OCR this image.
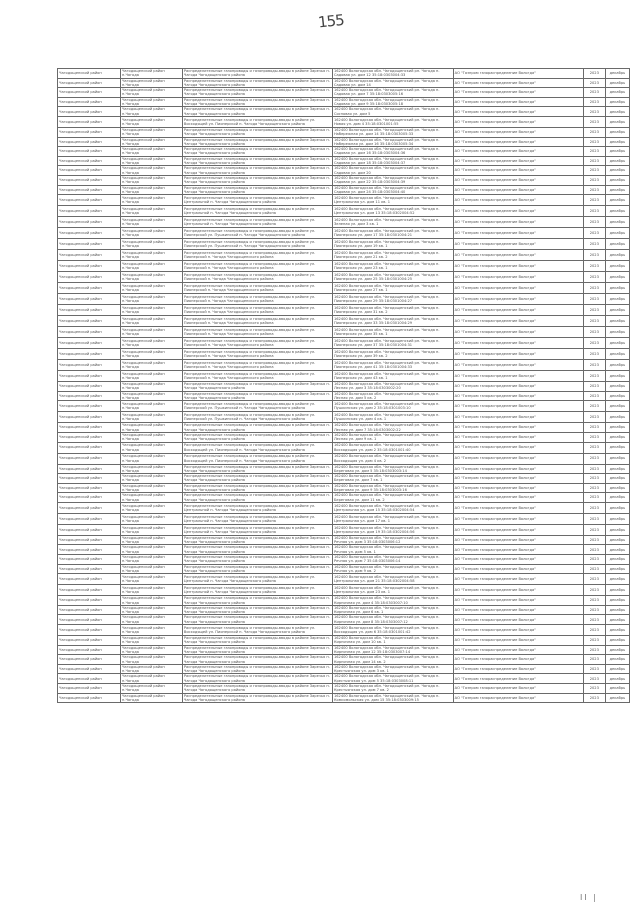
155
Чагодощенский район	Чагодощенский район п.Чагода	Распределительные газопроводы и газопроводы-вводы в районе Заречья п. Чагода Чагодощенского района	162400 Вологодская обл. Чагодощенский рн. Чагода п. Садовая ул. дом 12 35:18:0303004:33	АО "Газпром газораспределение Вологда"	2023	декабрь
Чагодощенский район	Чагодощенский район п.Чагода	Распределительные газопроводы и газопроводы-вводы в районе Заречья п. Чагода Чагодощенского района	162400 Вологодская обл. Чагодощенский рн. Чагода п. Садовая ул. дом 14	АО "Газпром газораспределение Вологда"	2023	декабрь
Чагодощенский район	Чагодощенский район п.Чагода	Распределительные газопроводы и газопроводы-вводы в районе Заречья п. Чагода Чагодощенского района	162400 Вологодская обл. Чагодощенский рн. Чагода п. Садовая ул. дом 7 35:18:0303005:16	АО "Газпром газораспределение Вологда"	2023	декабрь
Чагодощенский район	Чагодощенский район п.Чагода	Распределительные газопроводы и газопроводы-вводы в районе Заречья п. Чагода Чагодощенского района	162400 Вологодская обл. Чагодощенский рн. Чагода п. Садовая ул. дом 9 35:18:0303005:18	АО "Газпром газораспределение Вологда"	2023	декабрь
Чагодощенский район	Чагодощенский район п.Чагода	Распределительные газопроводы и газопроводы-вводы в районе Заречья п. Чагода Чагодощенского района	162400 Вологодская обл. Чагодощенский рн. Чагода п. Сосновая ул. дом 5	АО "Газпром газораспределение Вологда"	2023	декабрь
Чагодощенский район	Чагодощенский район п.Чагода	Распределительные газопроводы и газопроводы-вводы в районе ул. Восходящей ул. Пионерской п. Чагода Чагодощенского района	162400 Вологодская обл. Чагодощенский рн. Чагода п. Новая ул. дом 4 35:18:0301001:55	АО "Газпром газораспределение Вологда"	2023	декабрь
Чагодощенский район	Чагодощенский район п.Чагода	Распределительные газопроводы и газопроводы-вводы в районе Заречья п. Чагода Чагодощенского района	162400 Вологодская обл. Чагодощенский рн. Чагода п. Набережная ул. дом 14 35:18:0303005:33	АО "Газпром газораспределение Вологда"	2023	декабрь
Чагодощенский район	Чагодощенский район п.Чагода	Распределительные газопроводы и газопроводы-вводы в районе Заречья п. Чагода Чагодощенского района	162400 Вологодская обл. Чагодощенский рн. Чагода п. Набережная ул. дом 16 35:18:0303005:34	АО "Газпром газораспределение Вологда"	2023	декабрь
Чагодощенский район	Чагодощенский район п.Чагода	Распределительные газопроводы и газопроводы-вводы в районе Заречья п. Чагода Чагодощенского района	162400 Вологодская обл. Чагодощенский рн. Чагода п. Садовая ул. дом 16 35:18:0303004:36	АО "Газпром газораспределение Вологда"	2023	декабрь
Чагодощенский район	Чагодощенский район п.Чагода	Распределительные газопроводы и газопроводы-вводы в районе Заречья п. Чагода Чагодощенского района	162400 Вологодская обл. Чагодощенский рн. Чагода п. Садовая ул. дом 18 35:18:0303004:37	АО "Газпром газораспределение Вологда"	2023	декабрь
Чагодощенский район	Чагодощенский район п.Чагода	Распределительные газопроводы и газопроводы-вводы в районе Заречья п. Чагода Чагодощенского района	162400 Вологодская обл. Чагодощенский рн. Чагода п. Садовая ул. дом 20	АО "Газпром газораспределение Вологда"	2023	декабрь
Чагодощенский район	Чагодощенский район п.Чагода	Распределительные газопроводы и газопроводы-вводы в районе Заречья п. Чагода Чагодощенского района	162400 Вологодская обл. Чагодощенский рн. Чагода п. Садовая ул. дом 22 35:18:0303004:39	АО "Газпром газораспределение Вологда"	2023	декабрь
Чагодощенский район	Чагодощенский район п.Чагода	Распределительные газопроводы и газопроводы-вводы в районе Заречья п. Чагода Чагодощенского района	162400 Вологодская обл. Чагодощенский рн. Чагода п. Садовая ул. дом 24 35:18:0303004:40	АО "Газпром газораспределение Вологда"	2023	декабрь
Чагодощенский район	Чагодощенский район п.Чагода	Распределительные газопроводы и газопроводы-вводы в районе ул. Центральной п. Чагода Чагодощенского района	162400 Вологодская обл. Чагодощенский рн. Чагода п. Центральная ул. дом 11 кв. 1	АО "Газпром газораспределение Вологда"	2023	декабрь
Чагодощенский район	Чагодощенский район п.Чагода	Распределительные газопроводы и газопроводы-вводы в районе ул. Центральной п. Чагода Чагодощенского района	162400 Вологодская обл. Чагодощенский рн. Чагода п. Центральная ул. дом 13 35:18:0302004:52	АО "Газпром газораспределение Вологда"	2023	декабрь
Чагодощенский район	Чагодощенский район п.Чагода	Распределительные газопроводы и газопроводы-вводы в районе ул. Центральной п. Чагода Чагодощенского района	162400 Вологодская обл. Чагодощенский рн. Чагода п. Зеленая ул. дом 3 кв. 1	АО "Газпром газораспределение Вологда"	2023	декабрь
Чагодощенский район	Чагодощенский район п.Чагода	Распределительные газопроводы и газопроводы-вводы в районе ул. Пионерской ул. Пушкинской п. Чагода Чагодощенского района	162400 Вологодская обл. Чагодощенский рн. Чагода п. Пионерская ул. дом 17 35:18:0301004:21	АО "Газпром газораспределение Вологда"	2023	декабрь
Чагодощенский район	Чагодощенский район п.Чагода	Распределительные газопроводы и газопроводы-вводы в районе ул. Пионерской ул. Пушкинской п. Чагода Чагодощенского района	162400 Вологодская обл. Чагодощенский рн. Чагода п. Пионерская ул. дом 19 кв. 1	АО "Газпром газораспределение Вологда"	2023	декабрь
Чагодощенский район	Чагодощенский район п.Чагода	Распределительные газопроводы и газопроводы-вводы в районе ул. Пионерской п. Чагода Чагодощенского района	162400 Вологодская обл. Чагодощенский рн. Чагода п. Пионерская ул. дом 21 кв. 2	АО "Газпром газораспределение Вологда"	2023	декабрь
Чагодощенский район	Чагодощенский район п.Чагода	Распределительные газопроводы и газопроводы-вводы в районе ул. Пионерской п. Чагода Чагодощенского района	162400 Вологодская обл. Чагодощенский рн. Чагода п. Пионерская ул. дом 23 кв. 1	АО "Газпром газораспределение Вологда"	2023	декабрь
Чагодощенский район	Чагодощенский район п.Чагода	Распределительные газопроводы и газопроводы-вводы в районе ул. Пионерской п. Чагода Чагодощенского района	162400 Вологодская обл. Чагодощенский рн. Чагода п. Пионерская ул. дом 25 35:18:0301004:25	АО "Газпром газораспределение Вологда"	2023	декабрь
Чагодощенский район	Чагодощенский район п.Чагода	Распределительные газопроводы и газопроводы-вводы в районе ул. Пионерской п. Чагода Чагодощенского района	162400 Вологодская обл. Чагодощенский рн. Чагода п. Пионерская ул. дом 27 кв. 1	АО "Газпром газораспределение Вологда"	2023	декабрь
Чагодощенский район	Чагодощенский район п.Чагода	Распределительные газопроводы и газопроводы-вводы в районе ул. Пионерской п. Чагода Чагодощенского района	162400 Вологодская обл. Чагодощенский рн. Чагода п. Пионерская ул. дом 29 35:18:0301004:27	АО "Газпром газораспределение Вологда"	2023	декабрь
Чагодощенский район	Чагодощенский район п.Чагода	Распределительные газопроводы и газопроводы-вводы в районе ул. Пионерской п. Чагода Чагодощенского района	162400 Вологодская обл. Чагодощенский рн. Чагода п. Пионерская ул. дом 31 кв. 2	АО "Газпром газораспределение Вологда"	2023	декабрь
Чагодощенский район	Чагодощенский район п.Чагода	Распределительные газопроводы и газопроводы-вводы в районе ул. Пионерской п. Чагода Чагодощенского района	162400 Вологодская обл. Чагодощенский рн. Чагода п. Пионерская ул. дом 33 35:18:0301004:29	АО "Газпром газораспределение Вологда"	2023	декабрь
Чагодощенский район	Чагодощенский район п.Чагода	Распределительные газопроводы и газопроводы-вводы в районе ул. Пионерской п. Чагода Чагодощенского района	162400 Вологодская обл. Чагодощенский рн. Чагода п. Пионерская ул. дом 35 кв. 1	АО "Газпром газораспределение Вологда"	2023	декабрь
Чагодощенский район	Чагодощенский район п.Чагода	Распределительные газопроводы и газопроводы-вводы в районе ул. Пионерской п. Чагода Чагодощенского района	162400 Вологодская обл. Чагодощенский рн. Чагода п. Пионерская ул. дом 37 35:18:0301004:31	АО "Газпром газораспределение Вологда"	2023	декабрь
Чагодощенский район	Чагодощенский район п.Чагода	Распределительные газопроводы и газопроводы-вводы в районе ул. Пионерской п. Чагода Чагодощенского района	162400 Вологодская обл. Чагодощенский рн. Чагода п. Пионерская ул. дом 39 кв. 2	АО "Газпром газораспределение Вологда"	2023	декабрь
Чагодощенский район	Чагодощенский район п.Чагода	Распределительные газопроводы и газопроводы-вводы в районе ул. Пионерской п. Чагода Чагодощенского района	162400 Вологодская обл. Чагодощенский рн. Чагода п. Пионерская ул. дом 41 35:18:0301004:33	АО "Газпром газораспределение Вологда"	2023	декабрь
Чагодощенский район	Чагодощенский район п.Чагода	Распределительные газопроводы и газопроводы-вводы в районе ул. Пионерской п. Чагода Чагодощенского района	162400 Вологодская обл. Чагодощенский рн. Чагода п. Пионерская ул. дом 43 кв. 1	АО "Газпром газораспределение Вологда"	2023	декабрь
Чагодощенский район	Чагодощенский район п.Чагода	Распределительные газопроводы и газопроводы-вводы в районе Заречья п. Чагода Чагодощенского района	162400 Вологодская обл. Чагодощенский рн. Чагода п. Лесная ул. дом 3 35:18:0303002:20	АО "Газпром газораспределение Вологда"	2023	декабрь
Чагодощенский район	Чагодощенский район п.Чагода	Распределительные газопроводы и газопроводы-вводы в районе Заречья п. Чагода Чагодощенского района	162400 Вологодская обл. Чагодощенский рн. Чагода п. Лесная ул. дом 5 кв. 2	АО "Газпром газораспределение Вологда"	2023	декабрь
Чагодощенский район	Чагодощенский район п.Чагода	Распределительные газопроводы и газопроводы-вводы в районе ул. Пионерской ул. Пушкинской п. Чагода Чагодощенского района	162400 Вологодская обл. Чагодощенский рн. Чагода п. Пушкинская ул. дом 2 35:18:0301003:10	АО "Газпром газораспределение Вологда"	2023	декабрь
Чагодощенский район	Чагодощенский район п.Чагода	Распределительные газопроводы и газопроводы-вводы в районе ул. Пионерской ул. Пушкинской п. Чагода Чагодощенского района	162400 Вологодская обл. Чагодощенский рн. Чагода п. Пушкинская ул. дом 4 кв. 1	АО "Газпром газораспределение Вологда"	2023	декабрь
Чагодощенский район	Чагодощенский район п.Чагода	Распределительные газопроводы и газопроводы-вводы в районе Заречья п. Чагода Чагодощенского района	162400 Вологодская обл. Чагодощенский рн. Чагода п. Лесная ул. дом 7 35:18:0303002:22	АО "Газпром газораспределение Вологда"	2023	декабрь
Чагодощенский район	Чагодощенский район п.Чагода	Распределительные газопроводы и газопроводы-вводы в районе Заречья п. Чагода Чагодощенского района	162400 Вологодская обл. Чагодощенский рн. Чагода п. Лесная ул. дом 9 кв. 1	АО "Газпром газораспределение Вологда"	2023	декабрь
Чагодощенский район	Чагодощенский район п.Чагода	Распределительные газопроводы и газопроводы-вводы в районе ул. Восходящей ул. Пионерской п. Чагода Чагодощенского района	162400 Вологодская обл. Чагодощенский рн. Чагода п. Восходящая ул. дом 2 35:18:0301001:40	АО "Газпром газораспределение Вологда"	2023	декабрь
Чагодощенский район	Чагодощенский район п.Чагода	Распределительные газопроводы и газопроводы-вводы в районе ул. Восходящей ул. Пионерской п. Чагода Чагодощенского района	162400 Вологодская обл. Чагодощенский рн. Чагода п. Восходящая ул. дом 4 кв. 2	АО "Газпром газораспределение Вологда"	2023	декабрь
Чагодощенский район	Чагодощенский район п.Чагода	Распределительные газопроводы и газопроводы-вводы в районе Заречья п. Чагода Чагодощенского района	162400 Вологодская обл. Чагодощенский рн. Чагода п. Береговая ул. дом 5 35:18:0303003:14	АО "Газпром газораспределение Вологда"	2023	декабрь
Чагодощенский район	Чагодощенский район п.Чагода	Распределительные газопроводы и газопроводы-вводы в районе Заречья п. Чагода Чагодощенского района	162400 Вологодская обл. Чагодощенский рн. Чагода п. Береговая ул. дом 7 кв. 1	АО "Газпром газораспределение Вологда"	2023	декабрь
Чагодощенский район	Чагодощенский район п.Чагода	Распределительные газопроводы и газопроводы-вводы в районе Заречья п. Чагода Чагодощенского района	162400 Вологодская обл. Чагодощенский рн. Чагода п. Береговая ул. дом 9 35:18:0303003:16	АО "Газпром газораспределение Вологда"	2023	декабрь
Чагодощенский район	Чагодощенский район п.Чагода	Распределительные газопроводы и газопроводы-вводы в районе Заречья п. Чагода Чагодощенского района	162400 Вологодская обл. Чагодощенский рн. Чагода п. Береговая ул. дом 11 кв. 2	АО "Газпром газораспределение Вологда"	2023	декабрь
Чагодощенский район	Чагодощенский район п.Чагода	Распределительные газопроводы и газопроводы-вводы в районе ул. Центральной п. Чагода Чагодощенского района	162400 Вологодская обл. Чагодощенский рн. Чагода п. Центральная ул. дом 15 35:18:0302004:54	АО "Газпром газораспределение Вологда"	2023	декабрь
Чагодощенский район	Чагодощенский район п.Чагода	Распределительные газопроводы и газопроводы-вводы в районе ул. Центральной п. Чагода Чагодощенского района	162400 Вологодская обл. Чагодощенский рн. Чагода п. Центральная ул. дом 17 кв. 1	АО "Газпром газораспределение Вологда"	2023	декабрь
Чагодощенский район	Чагодощенский район п.Чагода	Распределительные газопроводы и газопроводы-вводы в районе ул. Центральной п. Чагода Чагодощенского района	162400 Вологодская обл. Чагодощенский рн. Чагода п. Центральная ул. дом 19 35:18:0302004:56	АО "Газпром газораспределение Вологда"	2023	декабрь
Чагодощенский район	Чагодощенский район п.Чагода	Распределительные газопроводы и газопроводы-вводы в районе Заречья п. Чагода Чагодощенского района	162400 Вологодская обл. Чагодощенский рн. Чагода п. Речная ул. дом 3 35:18:0303006:12	АО "Газпром газораспределение Вологда"	2023	декабрь
Чагодощенский район	Чагодощенский район п.Чагода	Распределительные газопроводы и газопроводы-вводы в районе Заречья п. Чагода Чагодощенского района	162400 Вологодская обл. Чагодощенский рн. Чагода п. Речная ул. дом 5 кв. 1	АО "Газпром газораспределение Вологда"	2023	декабрь
Чагодощенский район	Чагодощенский район п.Чагода	Распределительные газопроводы и газопроводы-вводы в районе Заречья п. Чагода Чагодощенского района	162400 Вологодская обл. Чагодощенский рн. Чагода п. Речная ул. дом 7 35:18:0303006:14	АО "Газпром газораспределение Вологда"	2023	декабрь
Чагодощенский район	Чагодощенский район п.Чагода	Распределительные газопроводы и газопроводы-вводы в районе Заречья п. Чагода Чагодощенского района	162400 Вологодская обл. Чагодощенский рн. Чагода п. Речная ул. дом 9 кв. 2	АО "Газпром газораспределение Вологда"	2023	декабрь
Чагодощенский район	Чагодощенский район п.Чагода	Распределительные газопроводы и газопроводы-вводы в районе ул. Центральной п. Чагода Чагодощенского района	162400 Вологодская обл. Чагодощенский рн. Чагода п. Центральная ул. дом 21 35:18:0302004:58	АО "Газпром газораспределение Вологда"	2023	декабрь
Чагодощенский район	Чагодощенский район п.Чагода	Распределительные газопроводы и газопроводы-вводы в районе ул. Центральной п. Чагода Чагодощенского района	162400 Вологодская обл. Чагодощенский рн. Чагода п. Центральная ул. дом 23 кв. 1	АО "Газпром газораспределение Вологда"	2023	декабрь
Чагодощенский район	Чагодощенский район п.Чагода	Распределительные газопроводы и газопроводы-вводы в районе Заречья п. Чагода Чагодощенского района	162400 Вологодская обл. Чагодощенский рн. Чагода п. Кирпичная ул. дом 4 35:18:0303007:10	АО "Газпром газораспределение Вологда"	2023	декабрь
Чагодощенский район	Чагодощенский район п.Чагода	Распределительные газопроводы и газопроводы-вводы в районе Заречья п. Чагода Чагодощенского района	162400 Вологодская обл. Чагодощенский рн. Чагода п. Кирпичная ул. дом 6 кв. 1	АО "Газпром газораспределение Вологда"	2023	декабрь
Чагодощенский район	Чагодощенский район п.Чагода	Распределительные газопроводы и газопроводы-вводы в районе Заречья п. Чагода Чагодощенского района	162400 Вологодская обл. Чагодощенский рн. Чагода п. Кирпичная ул. дом 8 35:18:0303007:12	АО "Газпром газораспределение Вологда"	2023	декабрь
Чагодощенский район	Чагодощенский район п.Чагода	Распределительные газопроводы и газопроводы-вводы в районе ул. Восходящей ул. Пионерской п. Чагода Чагодощенского района	162400 Вологодская обл. Чагодощенский рн. Чагода п. Восходящая ул. дом 6 35:18:0301001:42	АО "Газпром газораспределение Вологда"	2023	декабрь
Чагодощенский район	Чагодощенский район п.Чагода	Распределительные газопроводы и газопроводы-вводы в районе Заречья п. Чагода Чагодощенского района	162400 Вологодская обл. Чагодощенский рн. Чагода п. Кирпичная ул. дом 10 кв. 1	АО "Газпром газораспределение Вологда"	2023	декабрь
Чагодощенский район	Чагодощенский район п.Чагода	Распределительные газопроводы и газопроводы-вводы в районе Заречья п. Чагода Чагодощенского района	162400 Вологодская обл. Чагодощенский рн. Чагода п. Кирпичная ул. дом 12 35:18:0303007:14	АО "Газпром газораспределение Вологда"	2023	декабрь
Чагодощенский район	Чагодощенский район п.Чагода	Распределительные газопроводы и газопроводы-вводы в районе Заречья п. Чагода Чагодощенского района	162400 Вологодская обл. Чагодощенский рн. Чагода п. Кирпичная ул. дом 14 кв. 2	АО "Газпром газораспределение Вологда"	2023	декабрь
Чагодощенский район	Чагодощенский район п.Чагода	Распределительные газопроводы и газопроводы-вводы в районе Заречья п. Чагода Чагодощенского района	162400 Вологодская обл. Чагодощенский рн. Чагода п. Крестьянская ул. дом 3 кв. 1	АО "Газпром газораспределение Вологда"	2023	декабрь
Чагодощенский район	Чагодощенский район п.Чагода	Распределительные газопроводы и газопроводы-вводы в районе Заречья п. Чагода Чагодощенского района	162400 Вологодская обл. Чагодощенский рн. Чагода п. Крестьянская ул. дом 5 35:18:0303008:11	АО "Газпром газораспределение Вологда"	2023	декабрь
Чагодощенский район	Чагодощенский район п.Чагода	Распределительные газопроводы и газопроводы-вводы в районе Заречья п. Чагода Чагодощенского района	162400 Вологодская обл. Чагодощенский рн. Чагода п. Крестьянская ул. дом 7 кв. 2	АО "Газпром газораспределение Вологда"	2023	декабрь
Чагодощенский район	Чагодощенский район п.Чагода	Распределительные газопроводы и газопроводы-вводы в районе Заречья п. Чагода Чагодощенского района	162400 Вологодская обл. Чагодощенский рн. Чагода п. Комсомольская ул. дом 15 35:18:0303009:15	АО "Газпром газораспределение Вологда"	2023	декабрь
II |
